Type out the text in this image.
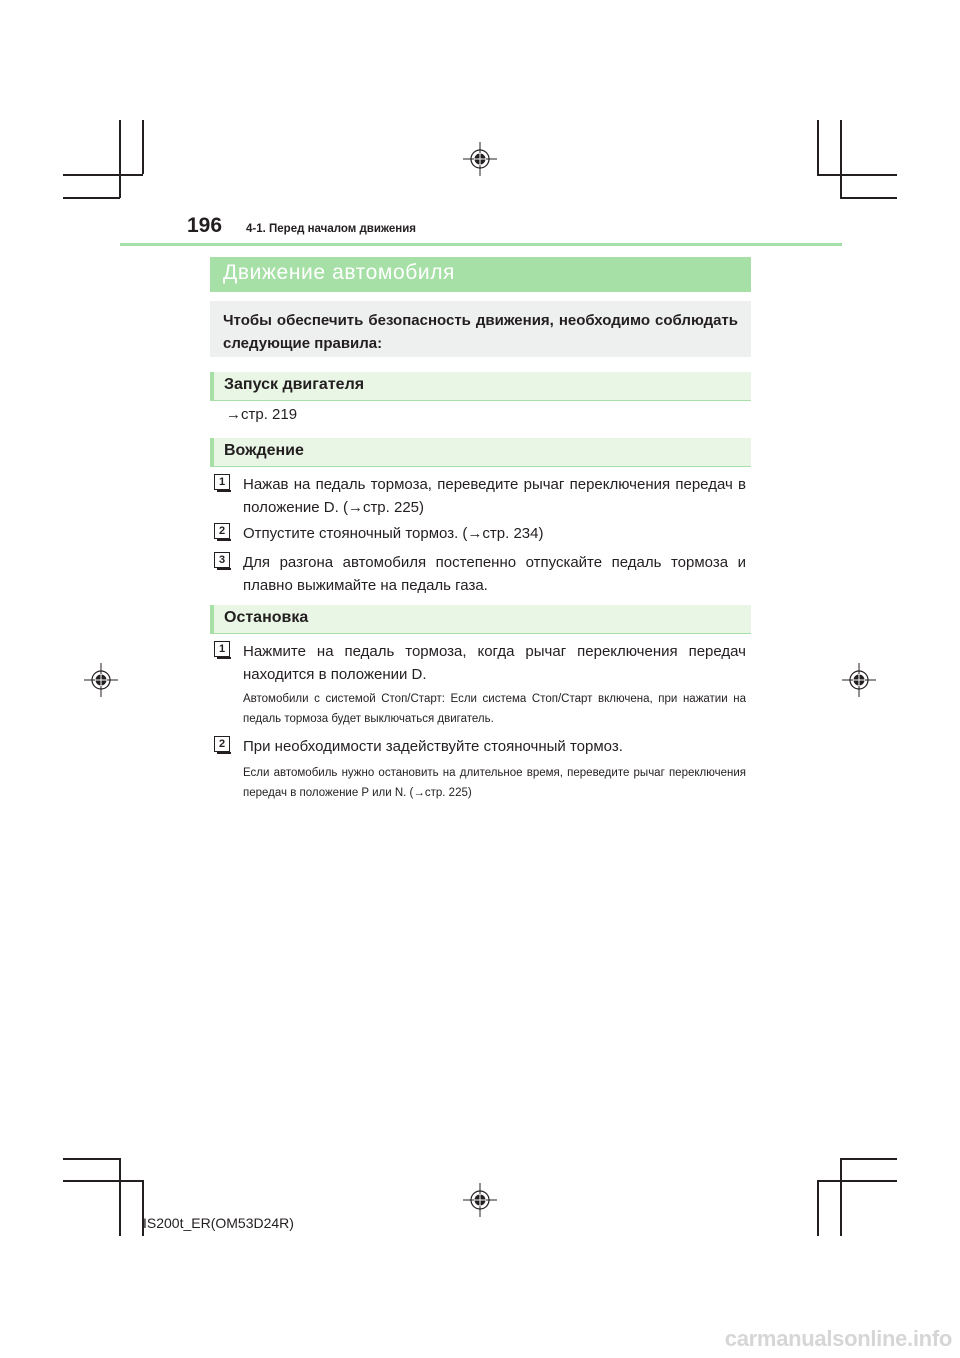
196 4-1. Перед началом движения
Движение автомобиля
Чтобы обеспечить безопасность движения, необходимо соблюдать следующие правила:
Запуск двигателя
→стр. 219
Вождение
1	Нажав на педаль тормоза, переведите рычаг переключения передач в положение D. (→стр. 225)
2	Отпустите стояночный тормоз. (→стр. 234)
3	Для разгона автомобиля постепенно отпускайте педаль тормоза и плавно выжимайте на педаль газа.
Остановка
1	Нажмите на педаль тормоза, когда рычаг переключения передач находится в положении D.
Автомобили с системой Стоп/Старт: Если система Стоп/Старт включена, при нажатии на педаль тормоза будет выключаться двигатель.
2	При необходимости задействуйте стояночный тормоз.
Если автомобиль нужно остановить на длительное время, переведите рычаг переключения передач в положение P или N. (→стр. 225)
IS200t_ER(OM53D24R)
carmanualsonline.info
